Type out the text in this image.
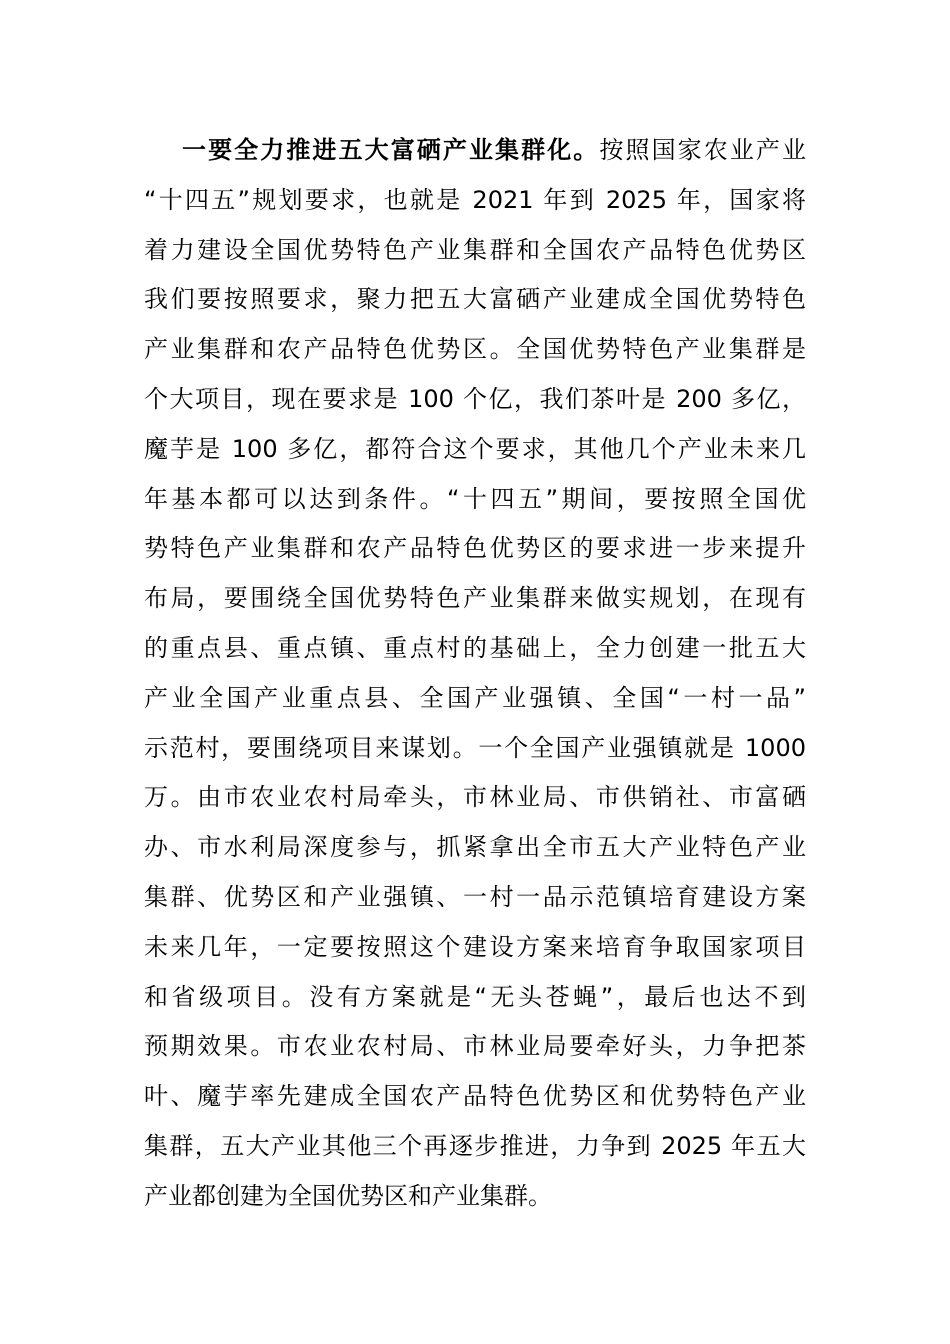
一要全力推进五大富硒产业集群化。按照国家农业产业
“十四五”规划要求，也就是 2021 年到 2025 年，国家将
着力建设全国优势特色产业集群和全国农产品特色优势区
我们要按照要求，聚力把五大富硒产业建成全国优势特色
产业集群和农产品特色优势区。全国优势特色产业集群是
个大项目，现在要求是 100 个亿，我们茶叶是 200 多亿，
魔芋是 100 多亿，都符合这个要求，其他几个产业未来几
年基本都可以达到条件。“十四五”期间，要按照全国优
势特色产业集群和农产品特色优势区的要求进一步来提升
布局，要围绕全国优势特色产业集群来做实规划，在现有
的重点县、重点镇、重点村的基础上，全力创建一批五大
产业全国产业重点县、全国产业强镇、全国“一村一品”
示范村，要围绕项目来谋划。一个全国产业强镇就是 1000
万。由市农业农村局牵头，市林业局、市供销社、市富硒
办、市水利局深度参与，抓紧拿出全市五大产业特色产业
集群、优势区和产业强镇、一村一品示范镇培育建设方案
未来几年，一定要按照这个建设方案来培育争取国家项目
和省级项目。没有方案就是“无头苍蝇”，最后也达不到
预期效果。市农业农村局、市林业局要牵好头，力争把茶
叶、魔芋率先建成全国农产品特色优势区和优势特色产业
集群，五大产业其他三个再逐步推进，力争到 2025 年五大
产业都创建为全国优势区和产业集群。
